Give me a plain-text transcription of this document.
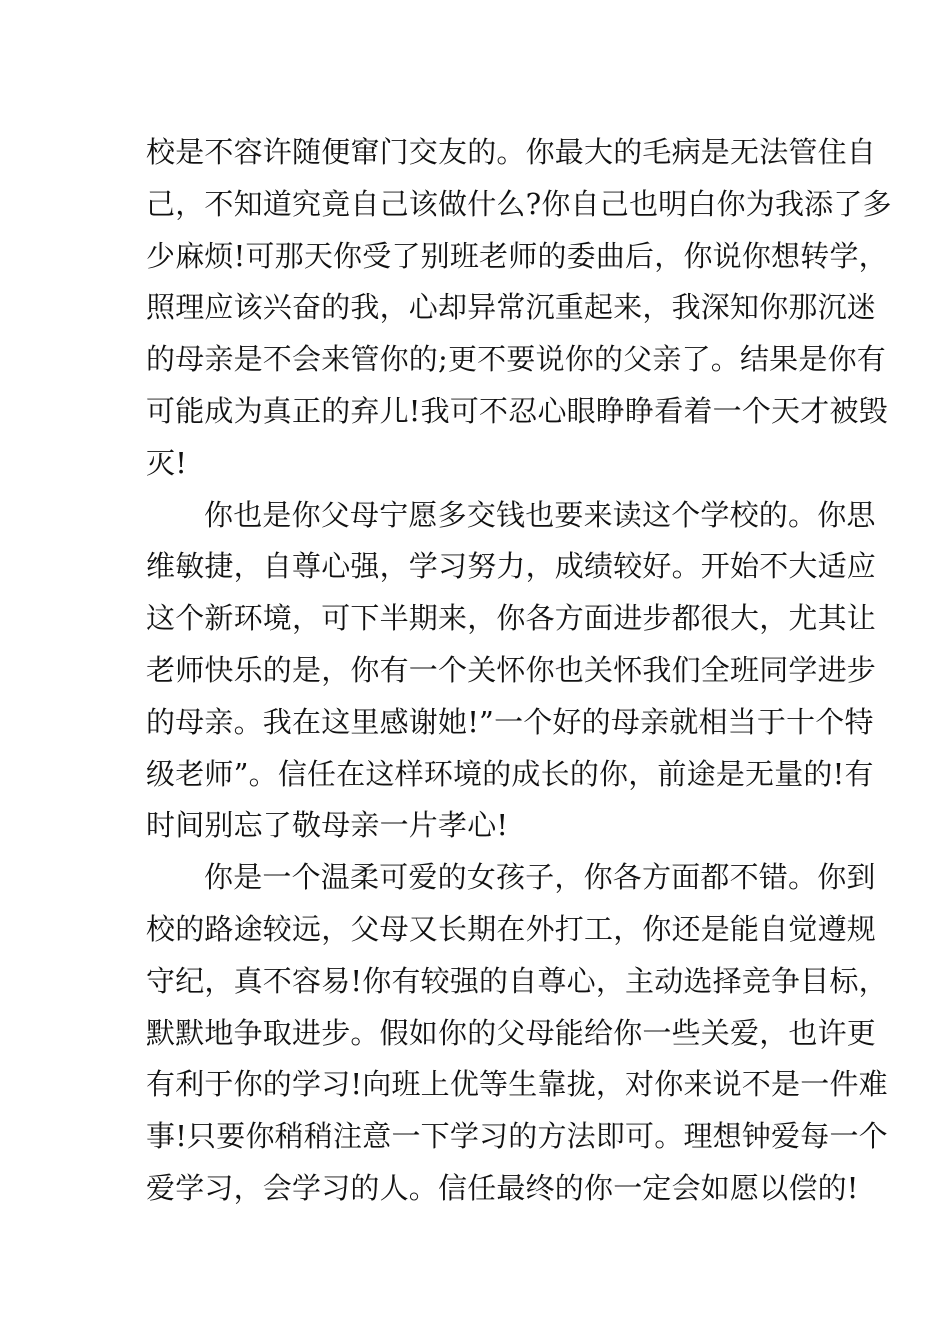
校是不容许随便窜门交友的。你最大的毛病是无法管住自
己，不知道究竟自己该做什么?你自己也明白你为我添了多
少麻烦!可那天你受了别班老师的委曲后，你说你想转学，
照理应该兴奋的我，心却异常沉重起来，我深知你那沉迷
的母亲是不会来管你的;更不要说你的父亲了。结果是你有
可能成为真正的弃儿!我可不忍心眼睁睁看着一个天才被毁
灭!
你也是你父母宁愿多交钱也要来读这个学校的。你思
维敏捷，自尊心强，学习努力，成绩较好。开始不大适应
这个新环境，可下半期来，你各方面进步都很大，尤其让
老师快乐的是，你有一个关怀你也关怀我们全班同学进步
的母亲。我在这里感谢她!”一个好的母亲就相当于十个特
级老师”。信任在这样环境的成长的你，前途是无量的!有
时间别忘了敬母亲一片孝心!
你是一个温柔可爱的女孩子，你各方面都不错。你到
校的路途较远，父母又长期在外打工，你还是能自觉遵规
守纪，真不容易!你有较强的自尊心，主动选择竞争目标，
默默地争取进步。假如你的父母能给你一些关爱，也许更
有利于你的学习!向班上优等生靠拢，对你来说不是一件难
事!只要你稍稍注意一下学习的方法即可。理想钟爱每一个
爱学习，会学习的人。信任最终的你一定会如愿以偿的!
